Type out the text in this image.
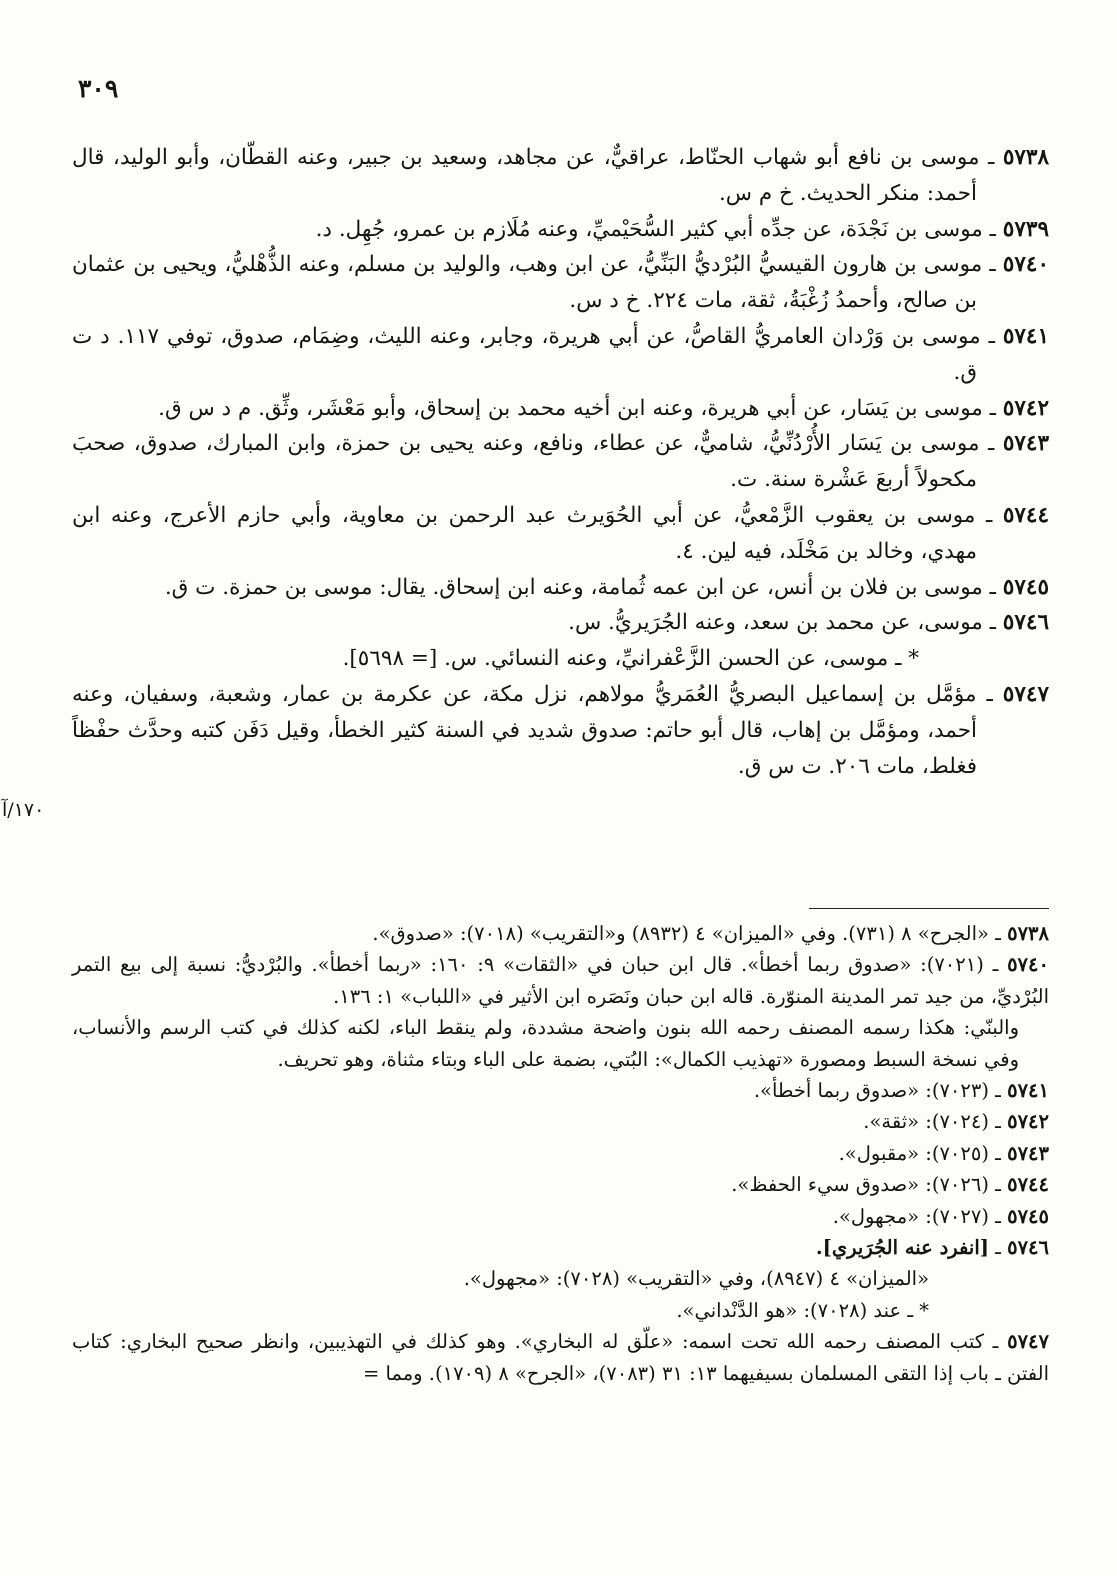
٣٠٩

٥٧٣٨ ـ موسى بن نافع أبو شهاب الحنّاط، عراقيٌّ، عن مجاهد، وسعيد بن جبير، وعنه القطّان، وأبو الوليد، قال أحمد: منكر الحديث. خ م س.

٥٧٣٩ ـ موسى بن نَجْدَة، عن جدِّه أبي كثير السُّحَيْميِّ، وعنه مُلَازم بن عمرو، جُهِل. د.

٥٧٤٠ ـ موسى بن هارون القيسيُّ البُرْديُّ البَنِّيُّ، عن ابن وهب، والوليد بن مسلم، وعنه الذُّهْليُّ، ويحيى بن عثمان بن صالح، وأحمدُ زُغْبَةُ، ثقة، مات ٢٢٤. خ د س.

٥٧٤١ ـ موسى بن وَرْدان العامريُّ القاصُّ، عن أبي هريرة، وجابر، وعنه الليث، وضِمَام، صدوق، توفي ١١٧. د ت ق.

٥٧٤٢ ـ موسى بن يَسَار، عن أبي هريرة، وعنه ابن أخيه محمد بن إسحاق، وأبو مَعْشَر، وثِّق. م د س ق.

٥٧٤٣ ـ موسى بن يَسَار الأُرْدُنِّيُّ، شاميٌّ، عن عطاء، ونافع، وعنه يحيى بن حمزة، وابن المبارك، صدوق، صحبَ مكحولاً أربعَ عَشْرة سنة. ت.

٥٧٤٤ ـ موسى بن يعقوب الزَّمْعيُّ، عن أبي الحُوَيرث عبد الرحمن بن معاوية، وأبي حازم الأعرج، وعنه ابن مهدي، وخالد بن مَخْلَد، فيه لين. ٤.

٥٧٤٥ ـ موسى بن فلان بن أنس، عن ابن عمه ثُمامة، وعنه ابن إسحاق. يقال: موسى بن حمزة. ت ق.

٥٧٤٦ ـ موسى، عن محمد بن سعد، وعنه الجُرَيريُّ. س.

* ـ موسى، عن الحسن الزَّعْفرانيِّ، وعنه النسائي. س. [= ٥٦٩٨].

٥٧٤٧ ـ مؤمَّل بن إسماعيل البصريُّ العُمَريُّ مولاهم، نزل مكة، عن عكرمة بن عمار، وشعبة، وسفيان، وعنه أحمد، ومؤمَّل بن إهاب، قال أبو حاتم: صدوق شديد في السنة كثير الخطأ، وقيل دَفَن كتبه وحدَّث حفْظاً فغلط، مات ٢٠٦. ت س ق.

١٧٠/آ

٥٧٣٨ ـ «الجرح» ٨ (٧٣١). وفي «الميزان» ٤ (٨٩٣٢) و«التقريب» (٧٠١٨): «صدوق».

٥٧٤٠ ـ (٧٠٢١): «صدوق ربما أخطأ». قال ابن حبان في «الثقات» ٩: ١٦٠: «ربما أخطأ». والبُرْديُّ: نسبة إلى بيع التمر البُرْديِّ، من جيد تمر المدينة المنوّرة. قاله ابن حبان ونَصَره ابن الأثير في «اللباب» ١: ١٣٦.

والبنّي: هكذا رسمه المصنف رحمه الله بنون واضحة مشددة، ولم ينقط الباء، لكنه كذلك في كتب الرسم والأنساب، وفي نسخة السبط ومصورة «تهذيب الكمال»: البُتي، بضمة على الباء وبتاء مثناة، وهو تحريف.

٥٧٤١ ـ (٧٠٢٣): «صدوق ربما أخطأ».

٥٧٤٢ ـ (٧٠٢٤): «ثقة».

٥٧٤٣ ـ (٧٠٢٥): «مقبول».

٥٧٤٤ ـ (٧٠٢٦): «صدوق سيء الحفظ».

٥٧٤٥ ـ (٧٠٢٧): «مجهول».

٥٧٤٦ ـ [انفرد عنه الجُرَيري].

«الميزان» ٤ (٨٩٤٧)، وفي «التقريب» (٧٠٢٨): «مجهول».

* ـ عند (٧٠٢٨): «هو الدَّنْداني».

٥٧٤٧ ـ كتب المصنف رحمه الله تحت اسمه: «علّق له البخاري». وهو كذلك في التهذيبين، وانظر صحيح البخاري: كتاب الفتن ـ باب إذا التقى المسلمان بسيفيهما ١٣: ٣١ (٧٠٨٣)، «الجرح» ٨ (١٧٠٩). ومما =
